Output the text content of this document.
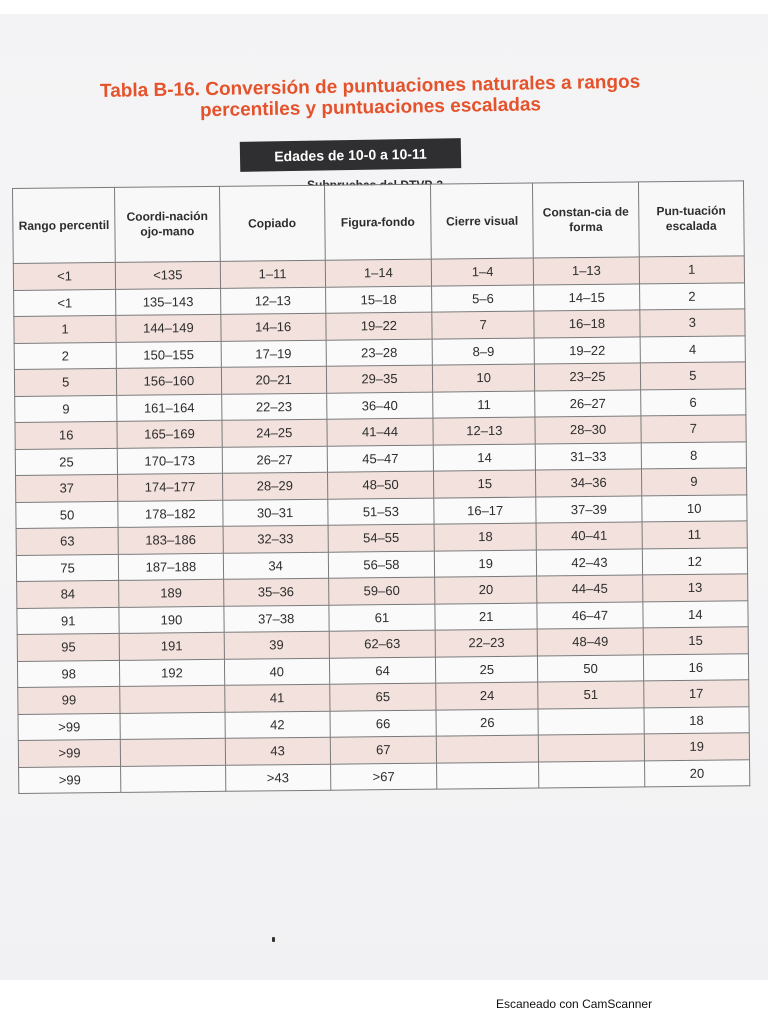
Tabla B-16. Conversión de puntuaciones naturales a rangos
percentiles y puntuaciones escaladas
Edades de 10-0 a 10-11
Rango percentil	Coordi-nación ojo-mano	Copiado	Figura-fondo	Cierre visual	Constan-cia de forma	Pun-tuación escalada
<1	<135	1–11	1–14	1–4	1–13	1
<1	135–143	12–13	15–18	5–6	14–15	2
1	144–149	14–16	19–22	7	16–18	3
2	150–155	17–19	23–28	8–9	19–22	4
5	156–160	20–21	29–35	10	23–25	5
9	161–164	22–23	36–40	11	26–27	6
16	165–169	24–25	41–44	12–13	28–30	7
25	170–173	26–27	45–47	14	31–33	8
37	174–177	28–29	48–50	15	34–36	9
50	178–182	30–31	51–53	16–17	37–39	10
63	183–186	32–33	54–55	18	40–41	11
75	187–188	34	56–58	19	42–43	12
84	189	35–36	59–60	20	44–45	13
91	190	37–38	61	21	46–47	14
95	191	39	62–63	22–23	48–49	15
98	192	40	64	25	50	16
99		41	65	24	51	17
>99		42	66	26		18
>99		43	67			19
>99		>43	>67			20
Escaneado con CamScanner
